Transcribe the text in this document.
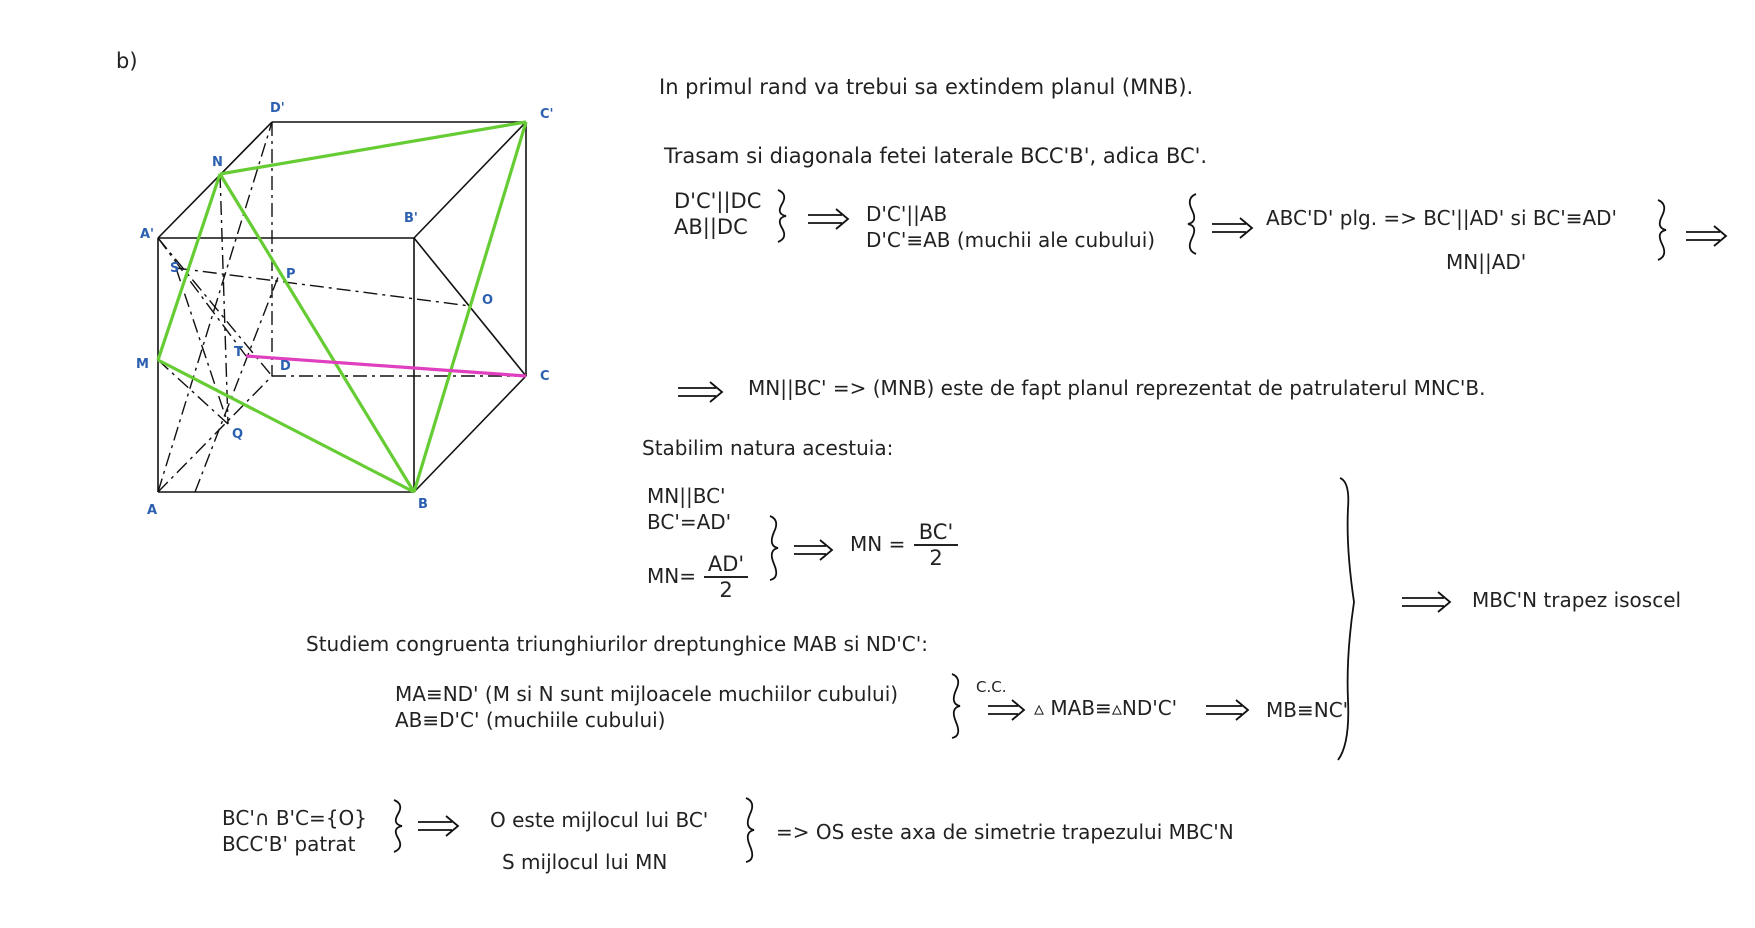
b)
A	B
C
D
A'
B'
C'
D'
M
N
O
P
Q
S
T
In primul rand va trebui sa extindem planul (MNB).
Trasam si diagonala fetei laterale BCC'B', adica BC'.
D'C'||DC
AB||DC
D'C'||AB
D'C'≡AB (muchii ale cubului)
ABC'D' plg. => BC'||AD' si BC'≡AD'
MN||AD'
MN||BC' => (MNB) este de fapt planul reprezentat de patrulaterul MNC'B.
Stabilim natura acestuia:
MN||BC'
BC'=AD'
$MN= \frac{AD'}{2}$
MN = $\frac{BC'}{2}$
MBC'N trapez isoscel
Studiem congruenta triunghiurilor dreptunghice MAB si ND'C':
MA≡ND' (M si N sunt mijloacele muchiilor cubului)
AB≡D'C' (muchiile cubului)
C.C.
▵ MAB≡▵ND'C'	MB≡NC'
BC'∩ B'C={O}
BCC'B' patrat
O este mijlocul lui BC'
S mijlocul lui MN
=> OS este axa de simetrie trapezului MBC'N
